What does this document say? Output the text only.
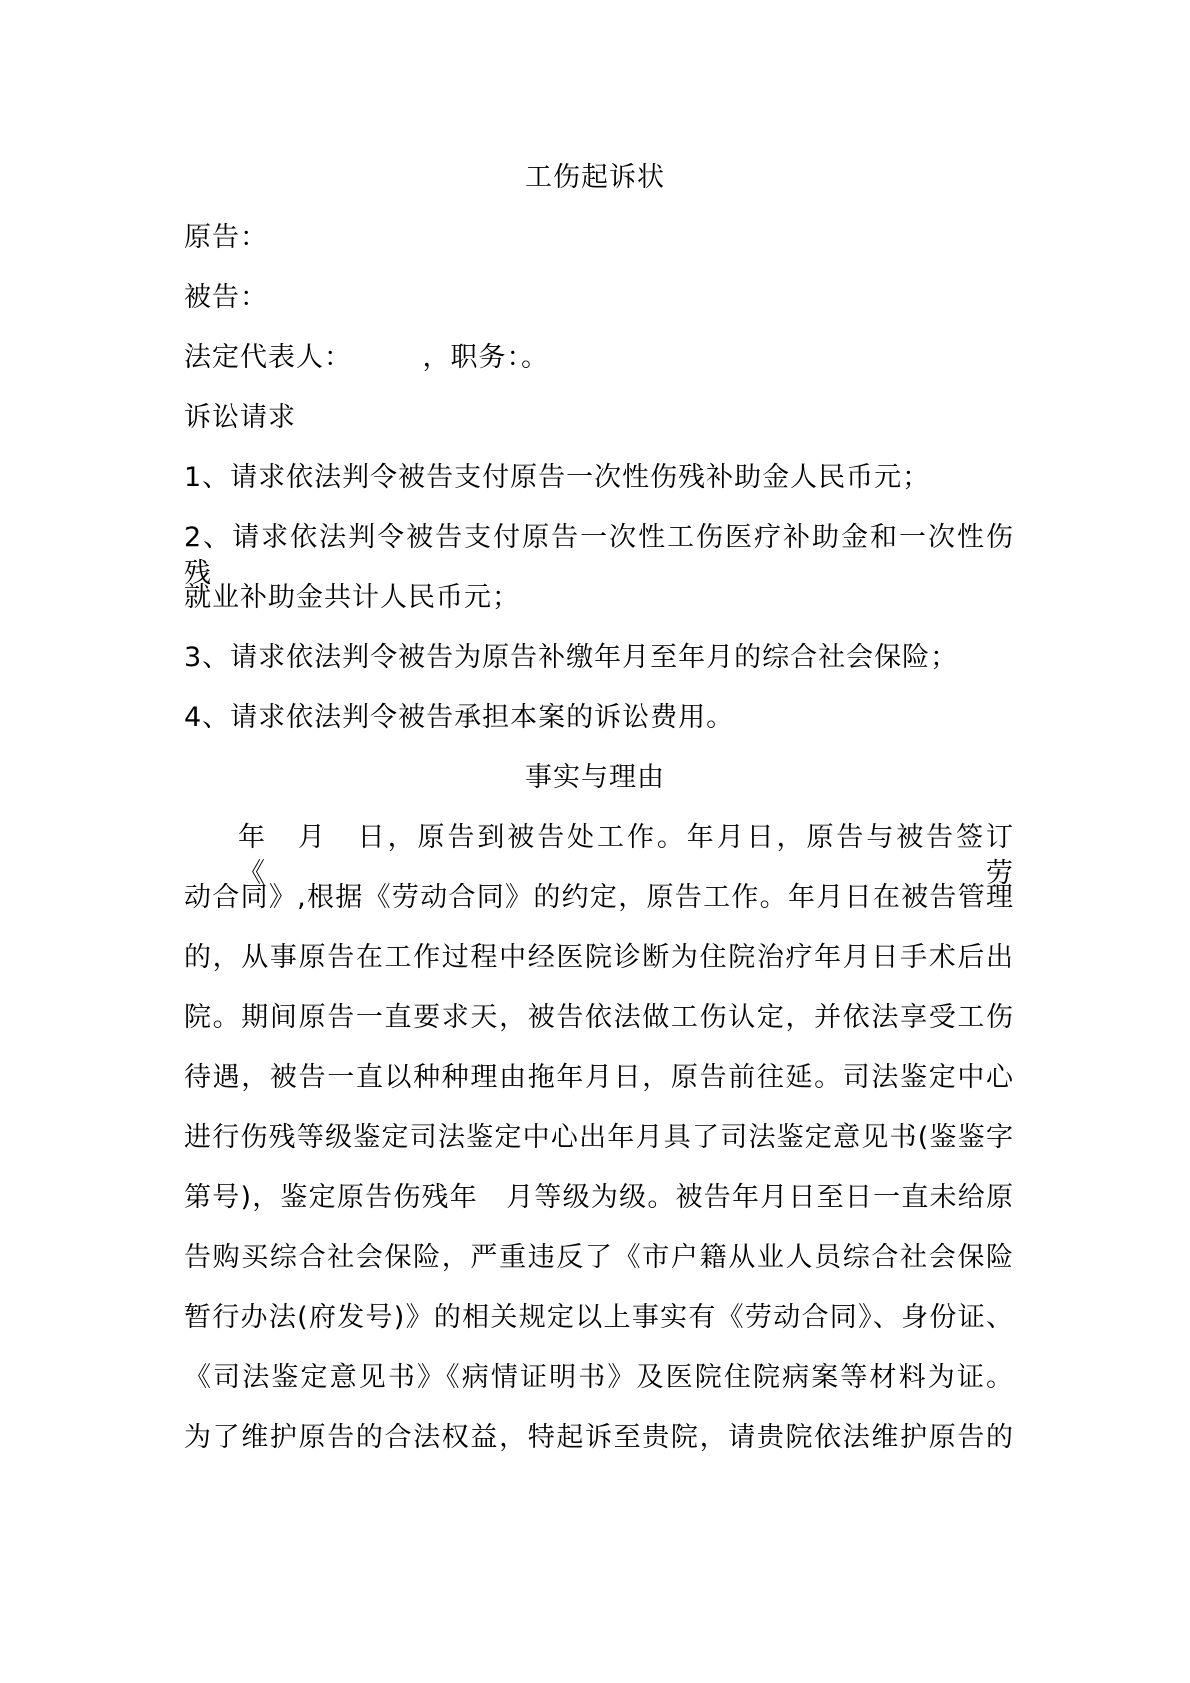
工伤起诉状
原告：
被告：
法定代表人：　　　，职务：。
诉讼请求
1、请求依法判令被告支付原告一次性伤残补助金人民币元；
2、请求依法判令被告支付原告一次性工伤医疗补助金和一次性伤残
就业补助金共计人民币元；
3、请求依法判令被告为原告补缴年月至年月的综合社会保险；
4、请求依法判令被告承担本案的诉讼费用。
事实与理由
年　月　日，原告到被告处工作。年月日，原告与被告签订《劳
动合同》,根据《劳动合同》的约定，原告工作。年月日在被告管理
的，从事原告在工作过程中经医院诊断为住院治疗年月日手术后出
院。期间原告一直要求天，被告依法做工伤认定，并依法享受工伤
待遇，被告一直以种种理由拖年月日，原告前往延。司法鉴定中心
进行伤残等级鉴定司法鉴定中心出年月具了司法鉴定意见书(鉴鉴字
第号)，鉴定原告伤残年　月等级为级。被告年月日至日一直未给原
告购买综合社会保险，严重违反了《市户籍从业人员综合社会保险
暂行办法(府发号)》的相关规定以上事实有《劳动合同》、身份证、
《司法鉴定意见书》《病情证明书》及医院住院病案等材料为证。
为了维护原告的合法权益，特起诉至贵院，请贵院依法维护原告的
